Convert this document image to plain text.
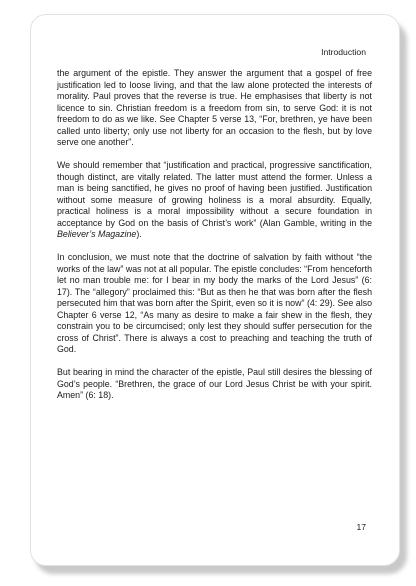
Introduction

the argument of the epistle. They answer the argument that a gospel of free justification led to loose living, and that the law alone protected the interests of morality. Paul proves that the reverse is true. He emphasises that liberty is not licence to sin. Christian freedom is a freedom from sin, to serve God: it is not freedom to do as we like. See Chapter 5 verse 13, “For, brethren, ye have been called unto liberty; only use not liberty for an occasion to the flesh, but by love serve one another”.

We should remember that “justification and practical, progressive sanctification, though distinct, are vitally related. The latter must attend the former. Unless a man is being sanctified, he gives no proof of having been justified. Justification without some measure of growing holiness is a moral absurdity. Equally, practical holiness is a moral impossibility without a secure foundation in acceptance by God on the basis of Christ’s work” (Alan Gamble, writing in the Believer’s Magazine).

In conclusion, we must note that the doctrine of salvation by faith without “the works of the law” was not at all popular. The epistle concludes: “From henceforth let no man trouble me: for I bear in my body the marks of the Lord Jesus” (6: 17). The “allegory” proclaimed this: “But as then he that was born after the flesh persecuted him that was born after the Spirit, even so it is now” (4: 29). See also Chapter 6 verse 12, “As many as desire to make a fair shew in the flesh, they constrain you to be circumcised; only lest they should suffer persecution for the cross of Christ”. There is always a cost to preaching and teaching the truth of God.

But bearing in mind the character of the epistle, Paul still desires the blessing of God’s people. “Brethren, the grace of our Lord Jesus Christ be with your spirit. Amen” (6: 18).

17
